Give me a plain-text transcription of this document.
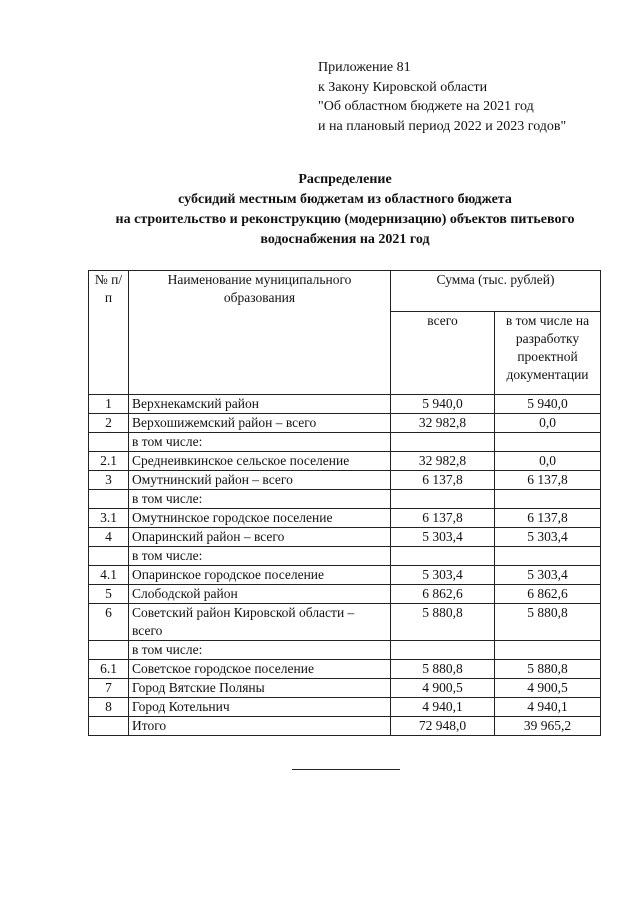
Приложение 81
к Закону Кировской области
"Об областном бюджете на 2021 год
и на плановый период 2022 и 2023 годов"
Распределение
субсидий местным бюджетам из областного бюджета
на строительство и реконструкцию (модернизацию) объектов питьевого
водоснабжения на 2021 год
№ п/п	Наименование муниципального образования	Сумма (тыс. рублей)	

		всего	в том числе на разработку проектной документации
1	Верхнекамский район	5 940,0	5 940,0
2	Верхошижемский район – всего	32 982,8	0,0
	в том числе:		
2.1	Среднеивкинское сельское поселение	32 982,8	0,0
3	Омутнинский район – всего	6 137,8	6 137,8
	в том числе:		
3.1	Омутнинское городское поселение	6 137,8	6 137,8
4	Опаринский район – всего	5 303,4	5 303,4
	в том числе:		
4.1	Опаринское городское поселение	5 303,4	5 303,4
5	Слободской район	6 862,6	6 862,6
6	Советский район Кировской области – всего	5 880,8	5 880,8
	в том числе:		
6.1	Советское городское поселение	5 880,8	5 880,8
7	Город Вятские Поляны	4 900,5	4 900,5
8	Город Котельнич	4 940,1	4 940,1
	Итого	72 948,0	39 965,2
